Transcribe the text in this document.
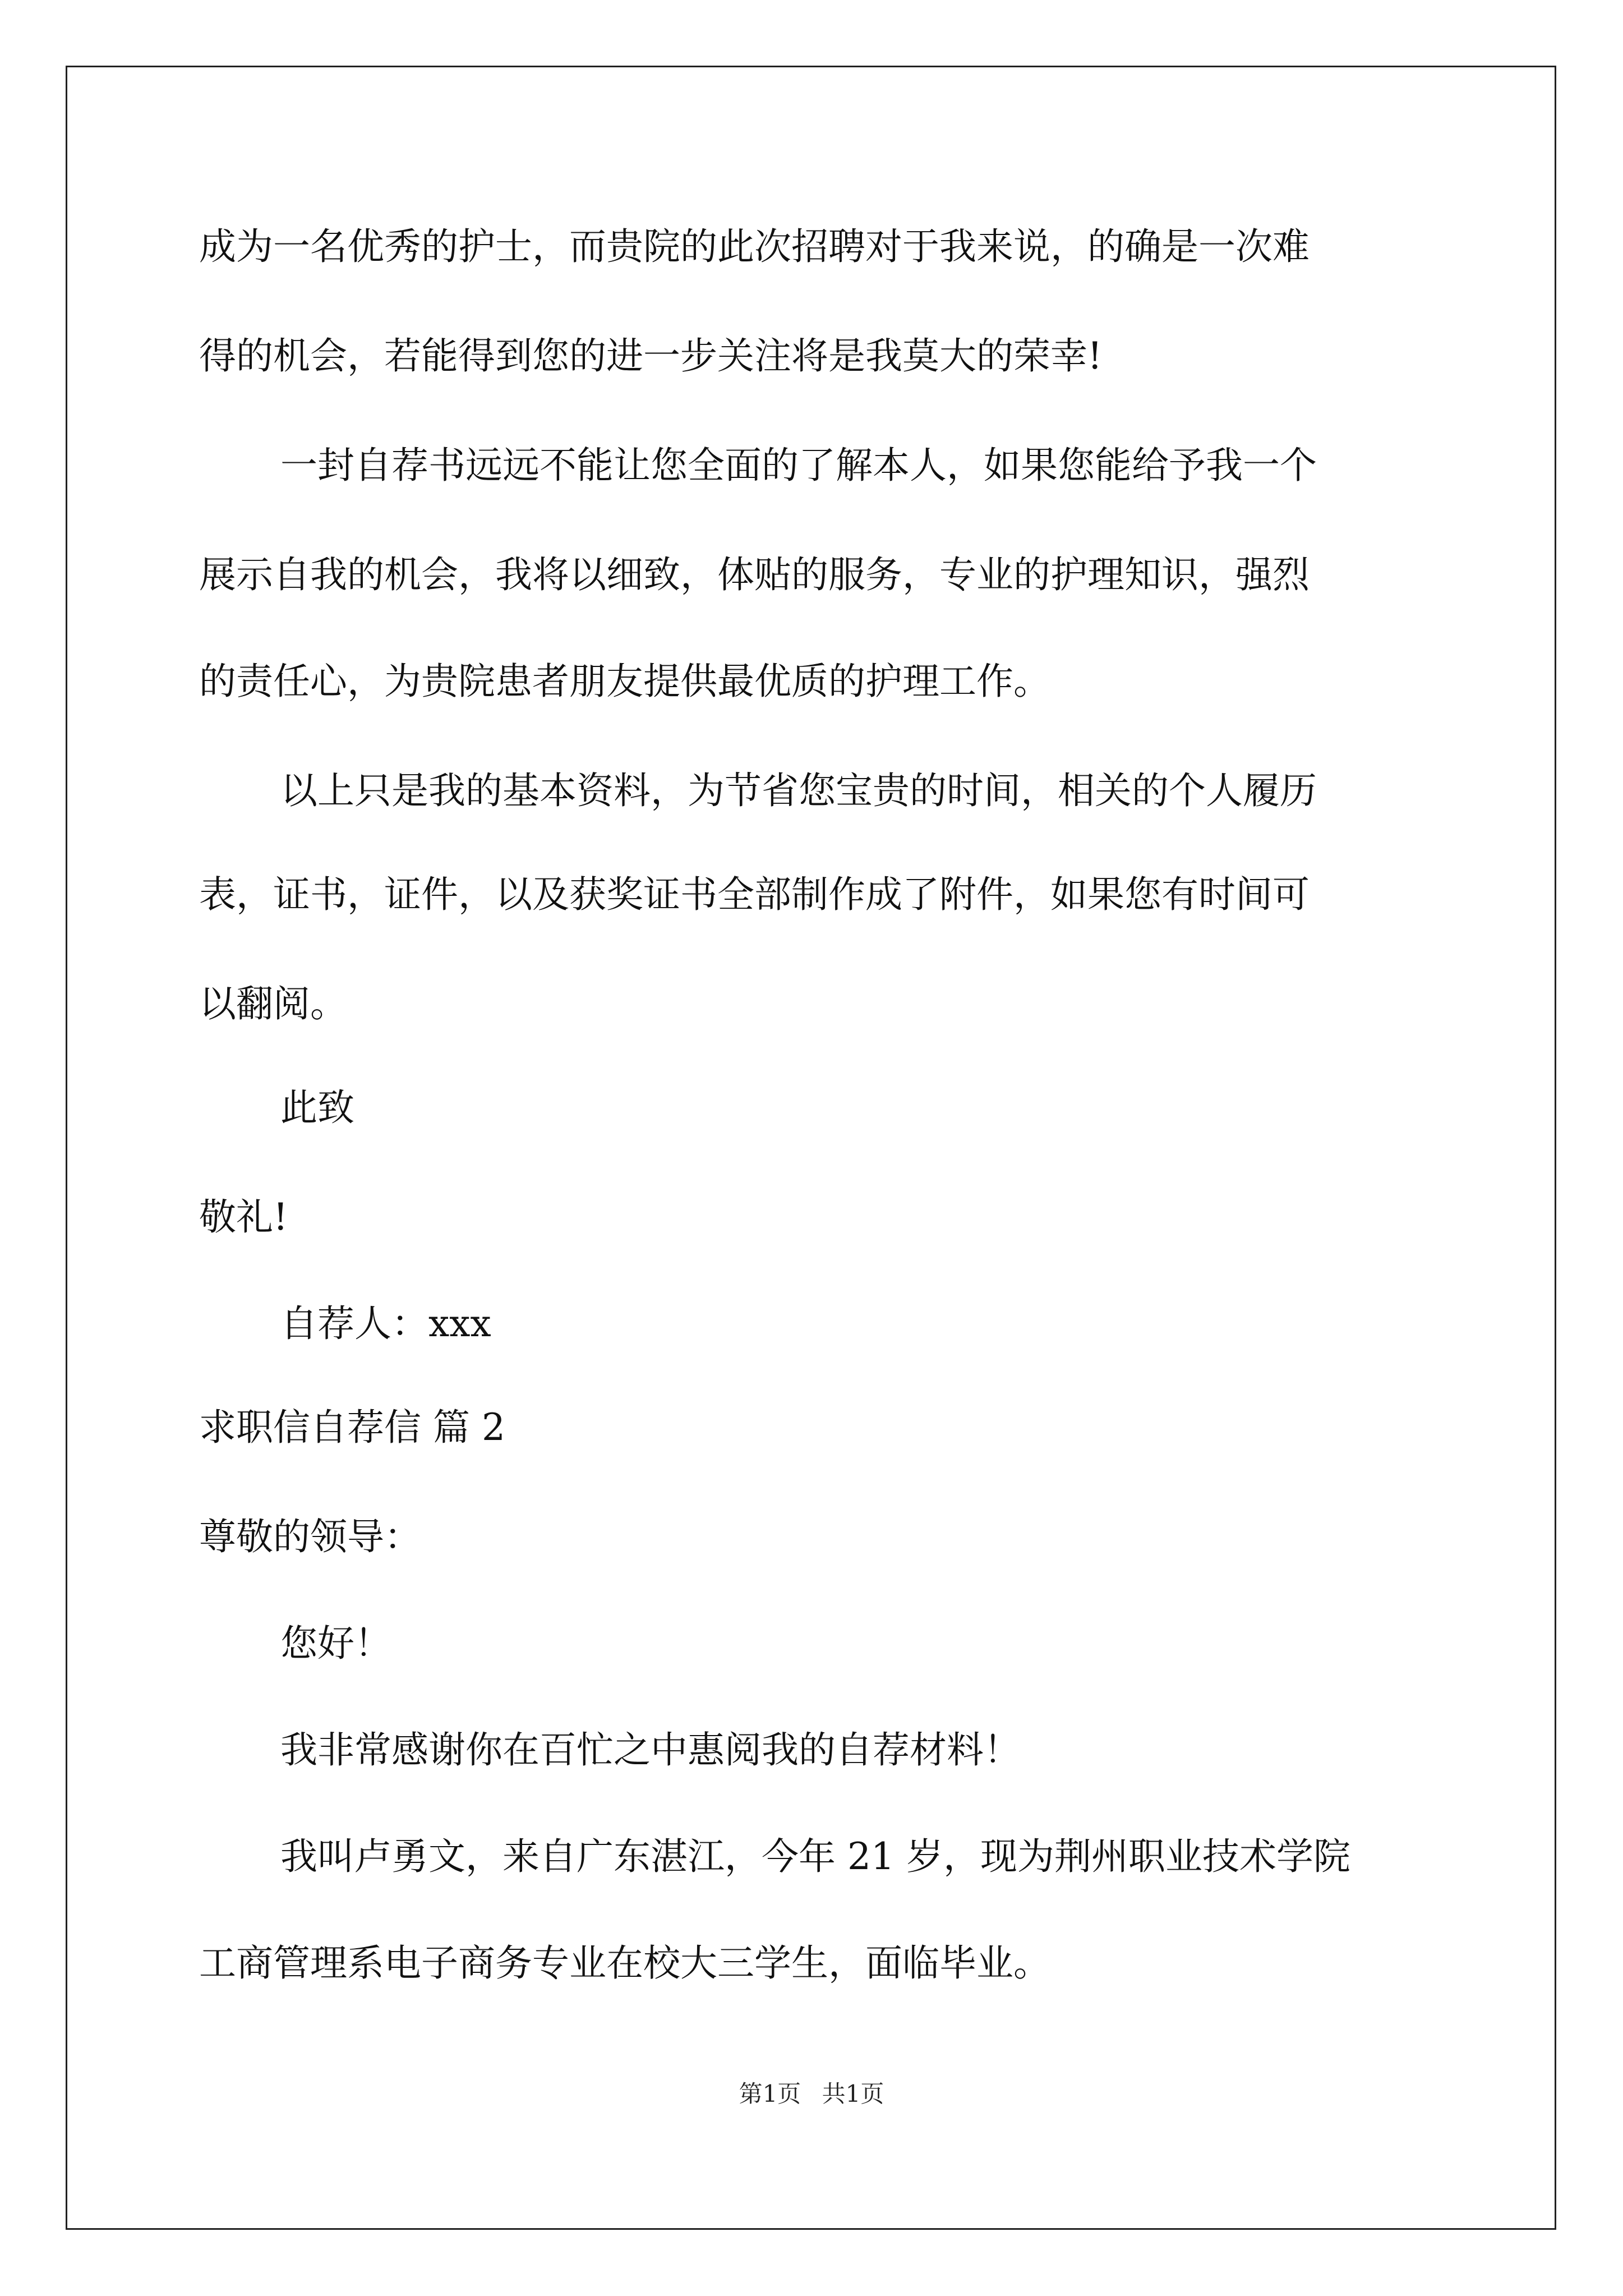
成为一名优秀的护士，而贵院的此次招聘对于我来说，的确是一次难
得的机会，若能得到您的进一步关注将是我莫大的荣幸!
一封自荐书远远不能让您全面的了解本人，如果您能给予我一个
展示自我的机会，我将以细致，体贴的服务，专业的护理知识，强烈
的责任心，为贵院患者朋友提供最优质的护理工作。
以上只是我的基本资料，为节省您宝贵的时间，相关的个人履历
表，证书，证件，以及获奖证书全部制作成了附件，如果您有时间可
以翻阅。
此致
敬礼!
自荐人：xxx
求职信自荐信 篇 2
尊敬的领导：
您好！
我非常感谢你在百忙之中惠阅我的自荐材料！
我叫卢勇文，来自广东湛江，今年 21 岁，现为荆州职业技术学院
工商管理系电子商务专业在校大三学生，面临毕业。
第1页 共1页
